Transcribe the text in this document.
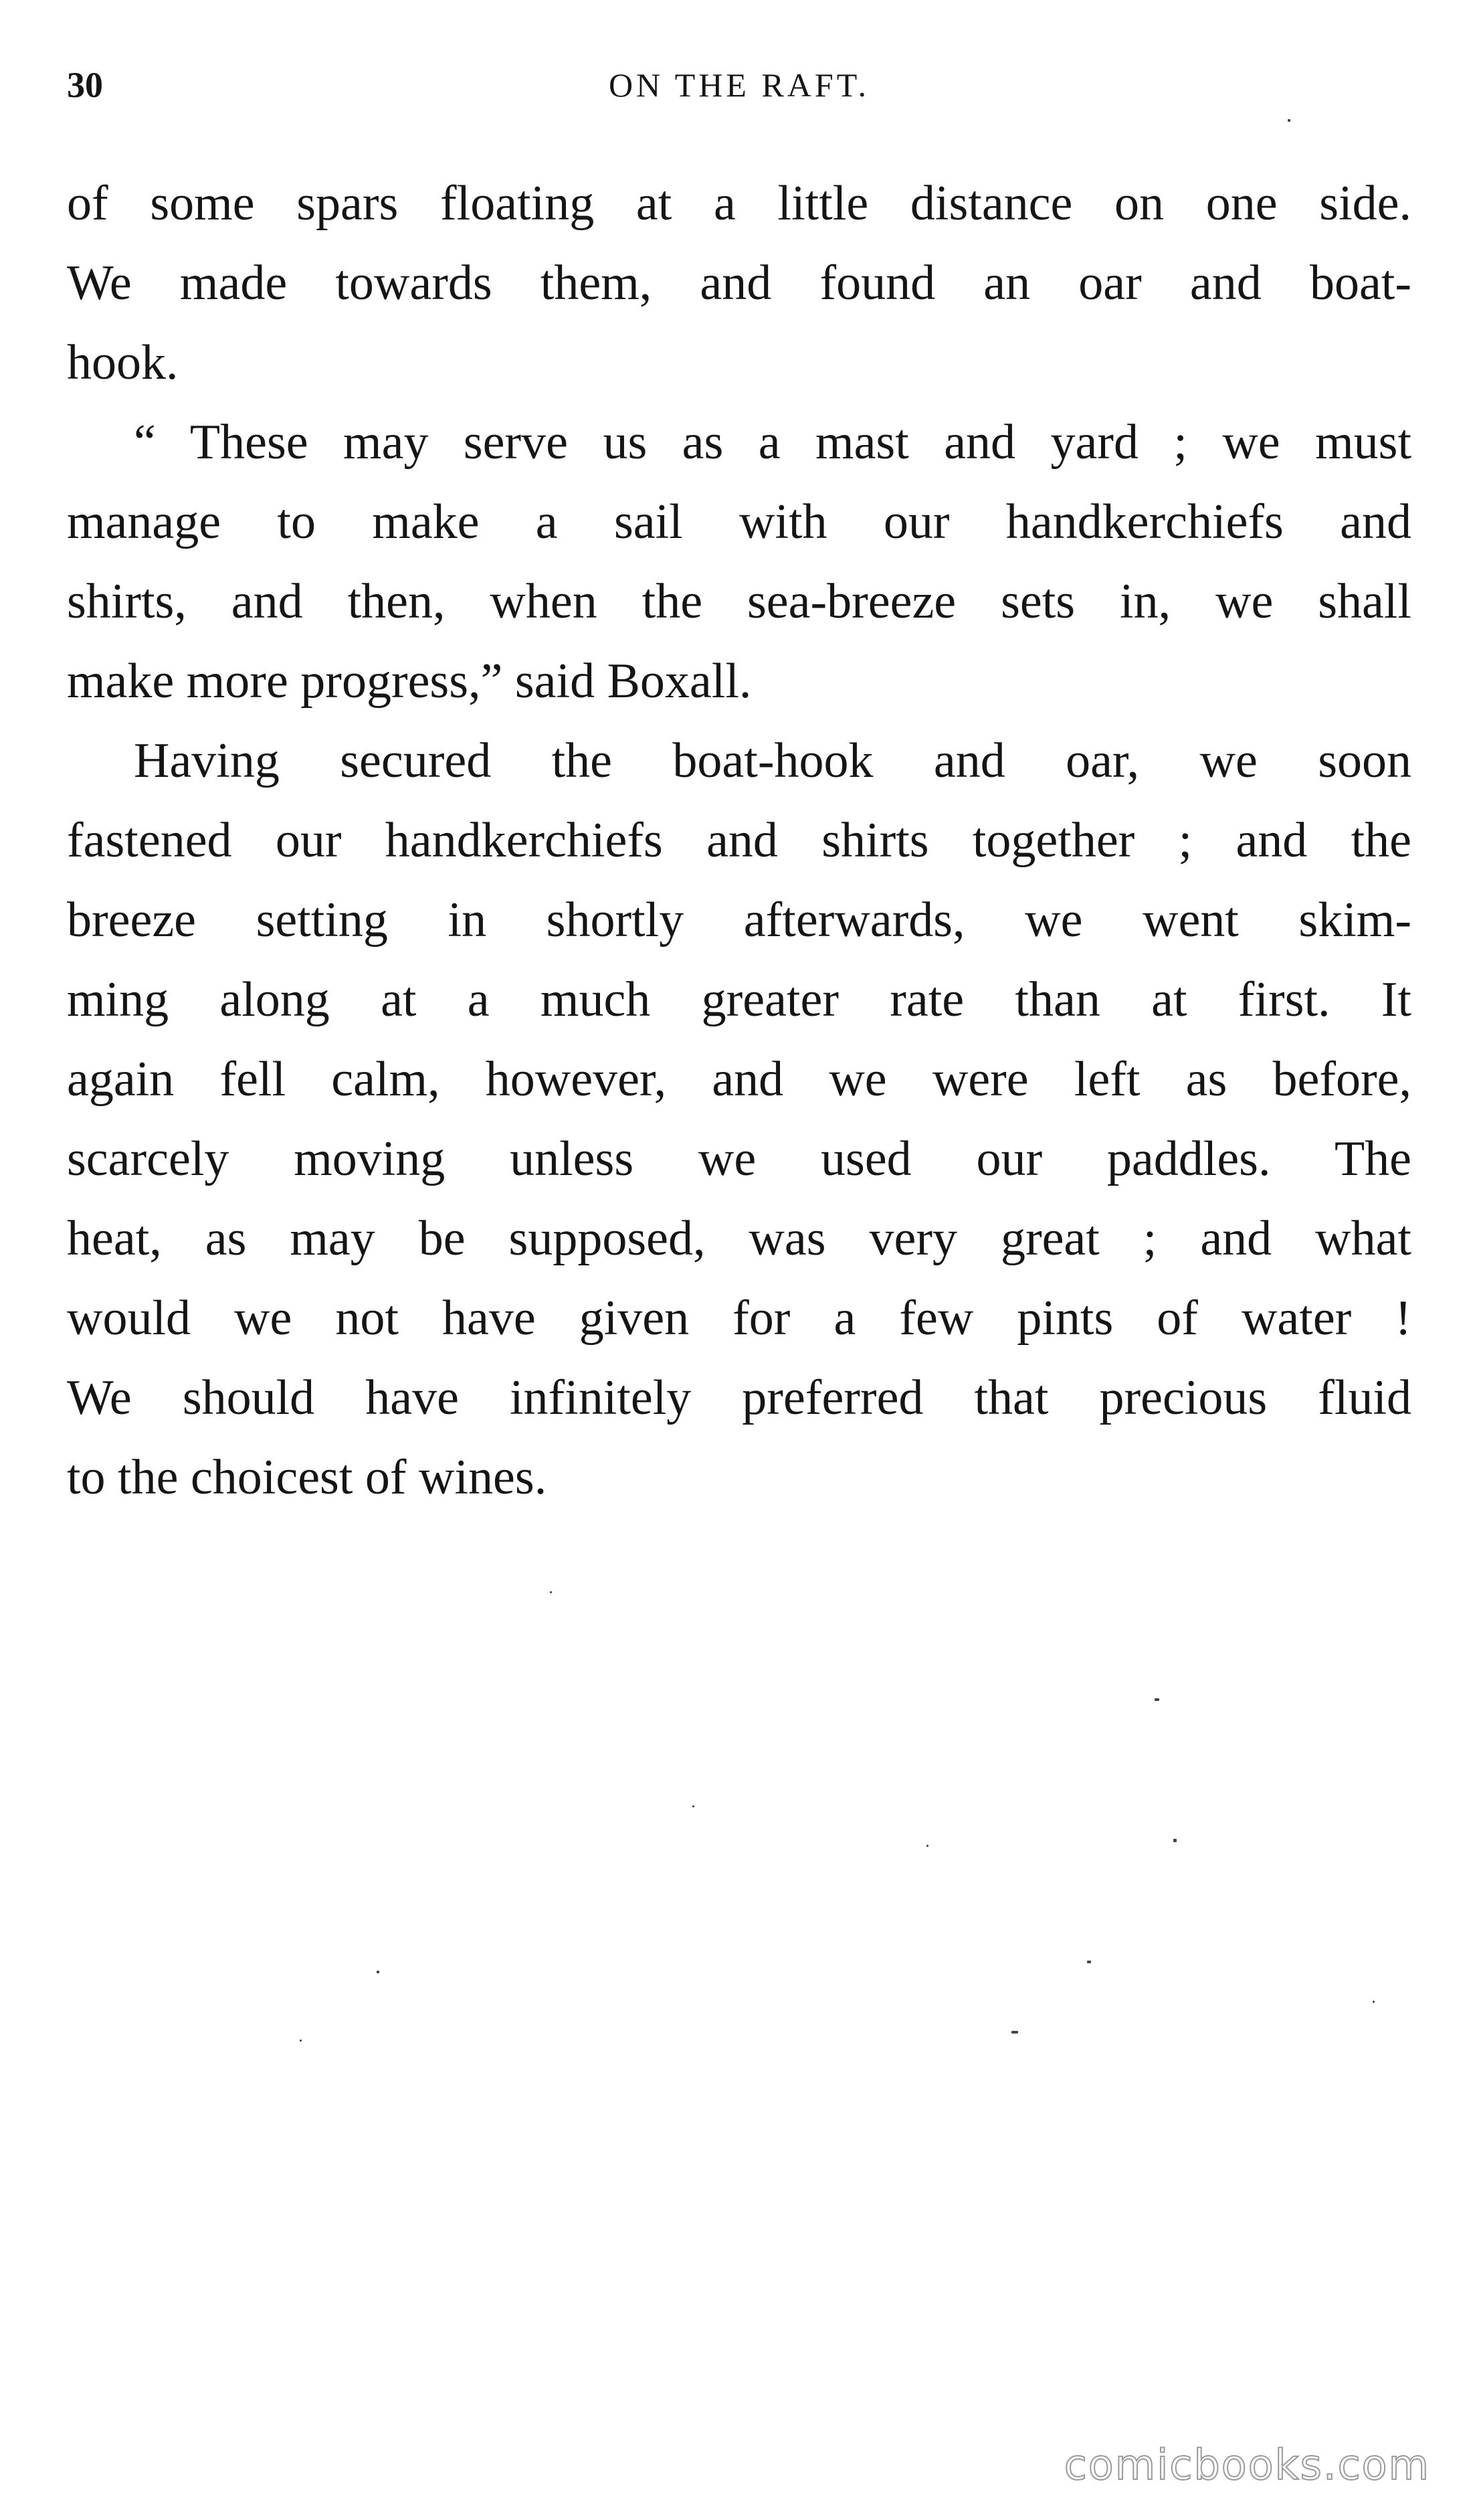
30	ON THE RAFT.

of some spars floating at a little distance on one side.
We made towards them, and found an oar and boat-
hook.

“ These may serve us as a mast and yard ; we must
manage to make a sail with our handkerchiefs and
shirts, and then, when the sea-breeze sets in, we shall
make more progress,” said Boxall.

Having secured the boat-hook and oar, we soon
fastened our handkerchiefs and shirts together ; and the
breeze setting in shortly afterwards, we went skim-
ming along at a much greater rate than at first. It
again fell calm, however, and we were left as before,
scarcely moving unless we used our paddles. The
heat, as may be supposed, was very great ; and what
would we not have given for a few pints of water !
We should have infinitely preferred that precious fluid
to the choicest of wines.

comicbooks.com
